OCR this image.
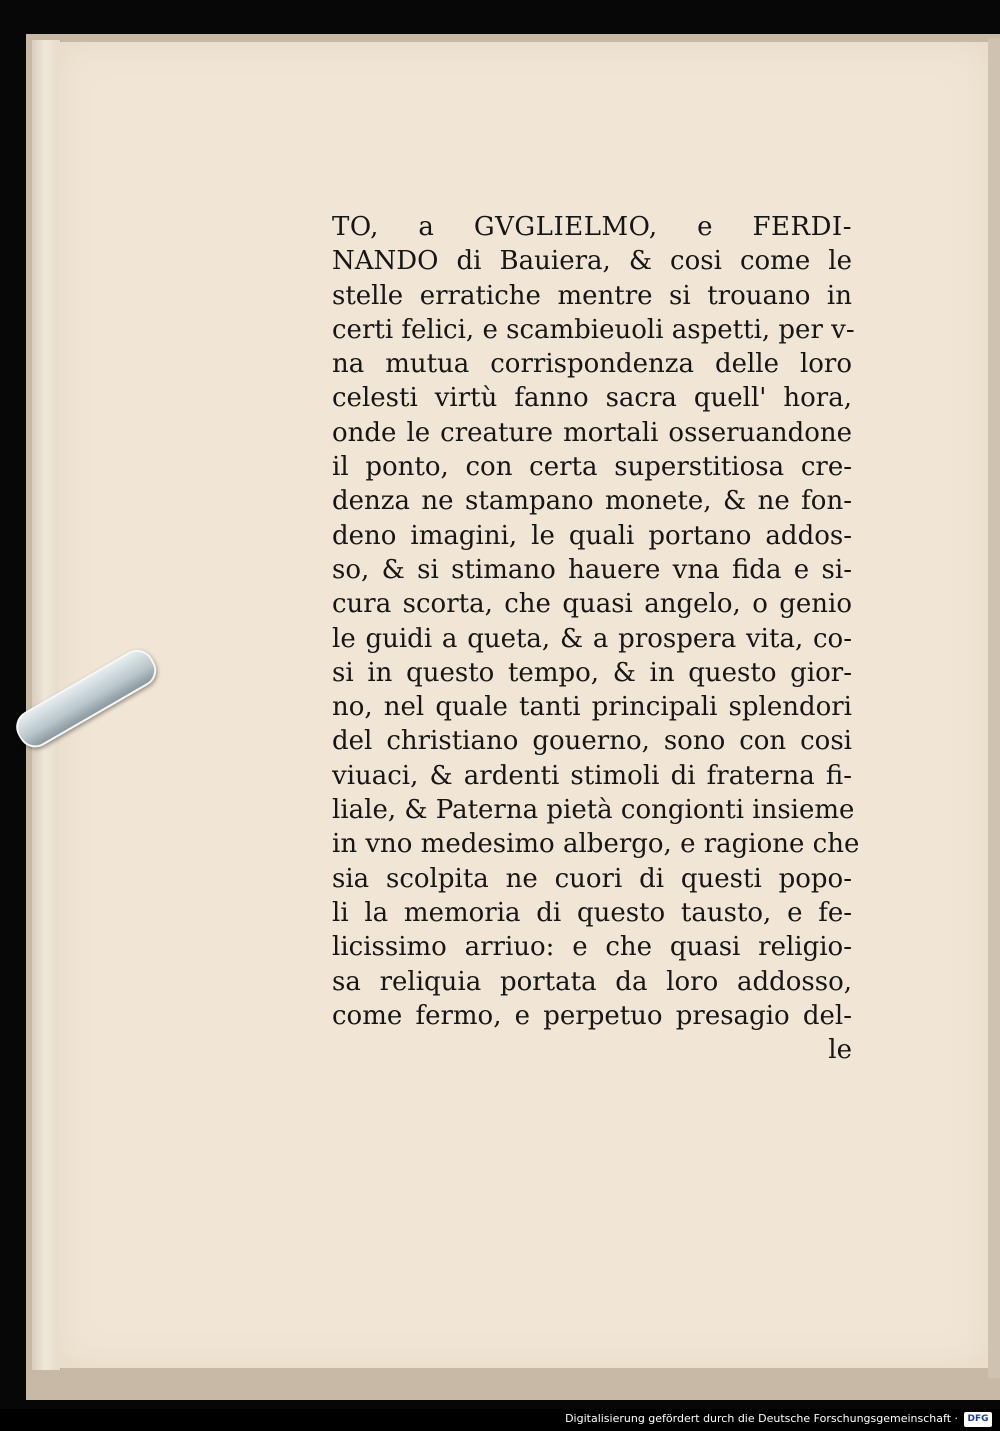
TO, a GVGLIELMO, e FERDI-
NANDO di Bauiera, & cosi come le
stelle erratiche mentre si trouano in
certi felici, e scambieuoli aspetti, per v-
na mutua corrispondenza delle loro
celesti virtù fanno sacra quell' hora,
onde le creature mortali osseruandone
il ponto, con certa superstitiosa cre-
denza ne stampano monete, & ne fon-
deno imagini, le quali portano addos-
so, & si stimano hauere vna fida e si-
cura scorta, che quasi angelo, o genio
le guidi a queta, & a prospera vita, co-
si in questo tempo, & in questo gior-
no, nel quale tanti principali splendori
del christiano gouerno, sono con cosi
viuaci, & ardenti stimoli di fraterna fi-
liale, & Paterna pietà congionti insieme
in vno medesimo albergo, e ragione che
sia scolpita ne cuori di questi popo-
li la memoria di questo tausto, e fe-
licissimo arriuo: e che quasi religio-
sa reliquia portata da loro addosso,
come fermo, e perpetuo presagio del-
le
Digitalisierung gefördert durch die Deutsche Forschungsgemeinschaft ·	DFG
